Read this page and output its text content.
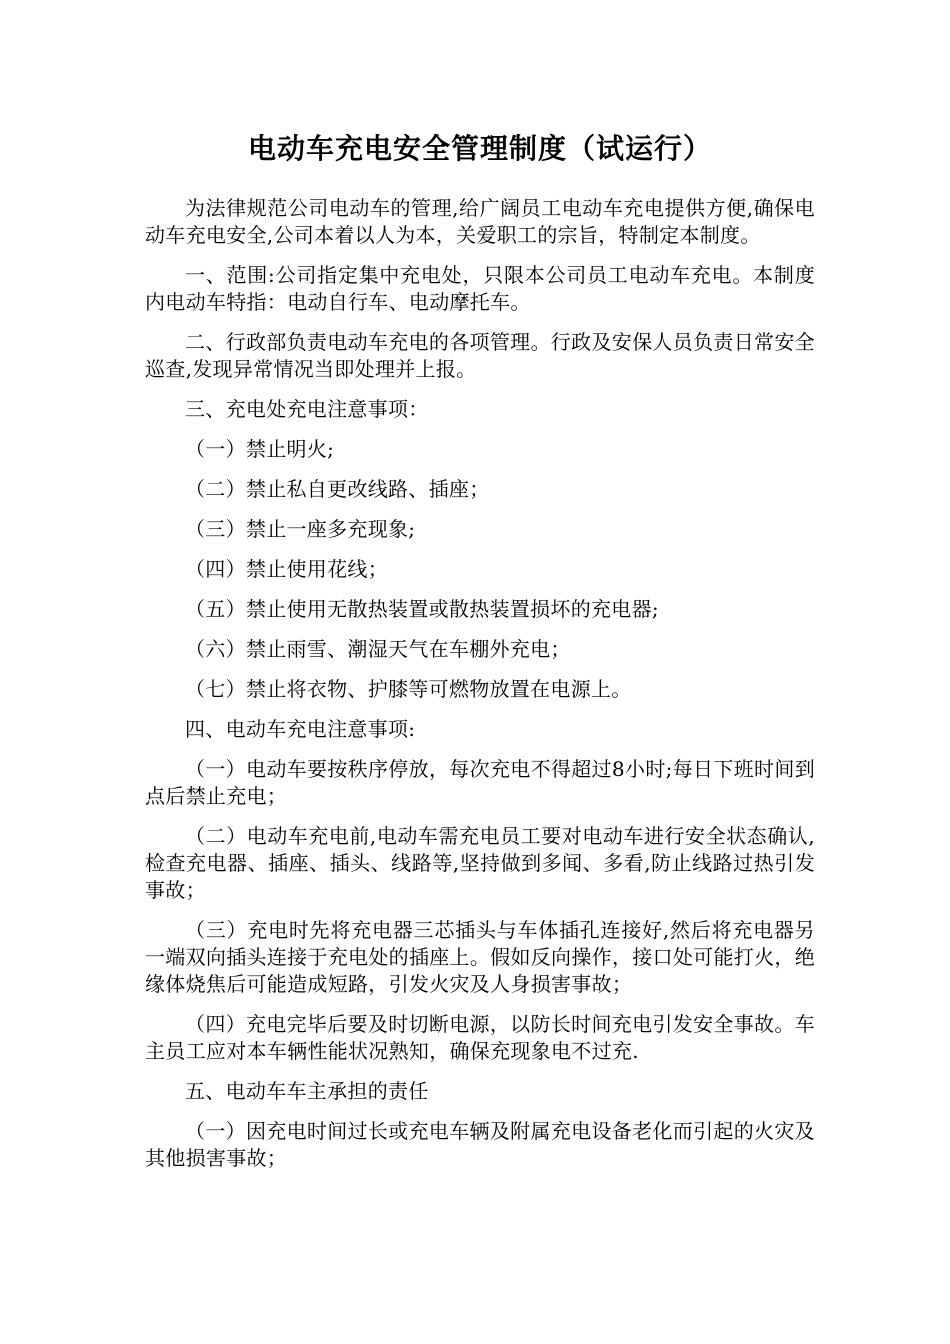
电动车充电安全管理制度（试运行）

为法律规范公司电动车的管理,给广阔员工电动车充电提供方便,确保电动车充电安全,公司本着以人为本，关爱职工的宗旨，特制定本制度。

一、范围:公司指定集中充电处，只限本公司员工电动车充电。本制度内电动车特指：电动自行车、电动摩托车。

二、行政部负责电动车充电的各项管理。行政及安保人员负责日常安全巡查,发现异常情况当即处理并上报。

三、充电处充电注意事项：

（一）禁止明火;

（二）禁止私自更改线路、插座；

（三）禁止一座多充现象;

（四）禁止使用花线；

（五）禁止使用无散热装置或散热装置损坏的充电器;

（六）禁止雨雪、潮湿天气在车棚外充电；

（七）禁止将衣物、护膝等可燃物放置在电源上。

四、电动车充电注意事项:

（一）电动车要按秩序停放，每次充电不得超过8小时;每日下班时间到点后禁止充电；

（二）电动车充电前,电动车需充电员工要对电动车进行安全状态确认,检查充电器、插座、插头、线路等,坚持做到多闻、多看,防止线路过热引发事故；

（三）充电时先将充电器三芯插头与车体插孔连接好,然后将充电器另一端双向插头连接于充电处的插座上。假如反向操作，接口处可能打火，绝缘体烧焦后可能造成短路，引发火灾及人身损害事故；

（四）充电完毕后要及时切断电源，以防长时间充电引发安全事故。车主员工应对本车辆性能状况熟知，确保充现象电不过充.

五、电动车车主承担的责任

（一）因充电时间过长或充电车辆及附属充电设备老化而引起的火灾及其他损害事故；
